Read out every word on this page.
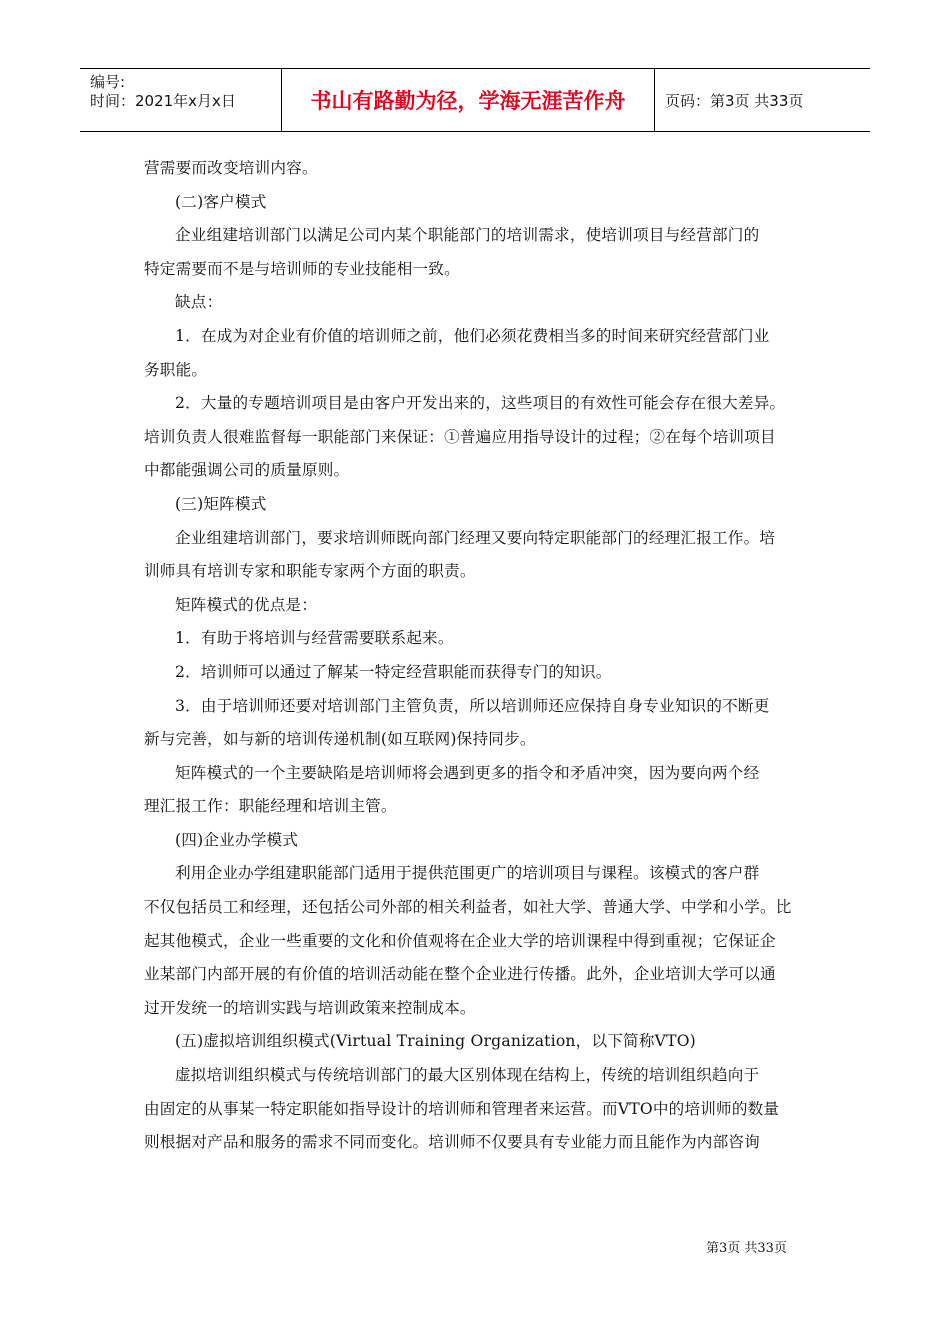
编号:
时间：2021年x月x日	书山有路勤为径，学海无涯苦作舟	页码：第3页 共33页
营需要而改变培训内容。
(二)客户模式
企业组建培训部门以满足公司内某个职能部门的培训需求，使培训项目与经营部门的
特定需要而不是与培训师的专业技能相一致。
缺点：
1．在成为对企业有价值的培训师之前，他们必须花费相当多的时间来研究经营部门业
务职能。
2．大量的专题培训项目是由客户开发出来的，这些项目的有效性可能会存在很大差异。
培训负责人很难监督每一职能部门来保证：①普遍应用指导设计的过程；②在每个培训项目
中都能强调公司的质量原则。
(三)矩阵模式
企业组建培训部门，要求培训师既向部门经理又要向特定职能部门的经理汇报工作。培
训师具有培训专家和职能专家两个方面的职责。
矩阵模式的优点是：
1．有助于将培训与经营需要联系起来。
2．培训师可以通过了解某一特定经营职能而获得专门的知识。
3．由于培训师还要对培训部门主管负责，所以培训师还应保持自身专业知识的不断更
新与完善，如与新的培训传递机制(如互联网)保持同步。
矩阵模式的一个主要缺陷是培训师将会遇到更多的指令和矛盾冲突，因为要向两个经
理汇报工作：职能经理和培训主管。
(四)企业办学模式
利用企业办学组建职能部门适用于提供范围更广的培训项目与课程。该模式的客户群
不仅包括员工和经理，还包括公司外部的相关利益者，如社大学、普通大学、中学和小学。比
起其他模式，企业一些重要的文化和价值观将在企业大学的培训课程中得到重视；它保证企
业某部门内部开展的有价值的培训活动能在整个企业进行传播。此外，企业培训大学可以通
过开发统一的培训实践与培训政策来控制成本。
(五)虚拟培训组织模式(Virtual Training Organization，以下简称VTO)
虚拟培训组织模式与传统培训部门的最大区别体现在结构上，传统的培训组织趋向于
由固定的从事某一特定职能如指导设计的培训师和管理者来运营。而VTO中的培训师的数量
则根据对产品和服务的需求不同而变化。培训师不仅要具有专业能力而且能作为内部咨询
第3页 共33页
